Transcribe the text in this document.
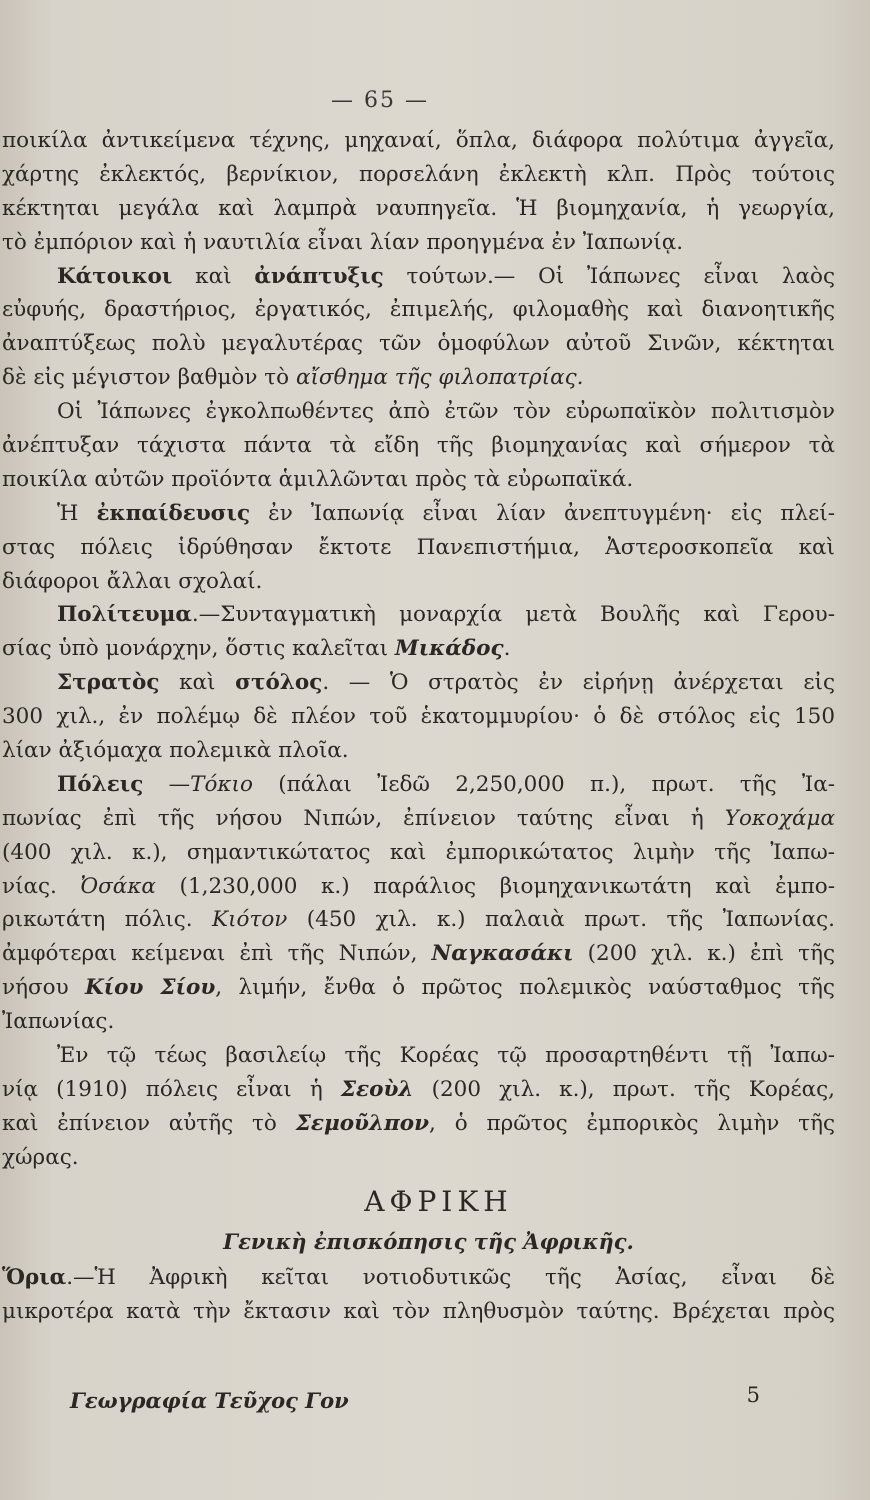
— 65 —
ποικίλα ἀντικείμενα τέχνης, μηχαναί, ὅπλα, διάφορα πολύτιμα ἀγγεῖα,
χάρτης ἐκλεκτός, βερνίκιον, πορσελάνη ἐκλεκτὴ κλπ. Πρὸς τούτοις
κέκτηται μεγάλα καὶ λαμπρὰ ναυπηγεῖα. Ἡ βιομηχανία, ἡ γεωργία,
τὸ ἐμπόριον καὶ ἡ ναυτιλία εἶναι λίαν προηγμένα ἐν Ἰαπωνίᾳ.
Κάτοικοι καὶ ἀνάπτυξις τούτων.— Οἱ Ἰάπωνες εἶναι λαὸς
εὐφυής, δραστήριος, ἐργατικός, ἐπιμελής, φιλομαθὴς καὶ διανοητικῆς
ἀναπτύξεως πολὺ μεγαλυτέρας τῶν ὁμοφύλων αὐτοῦ Σινῶν, κέκτηται
δὲ εἰς μέγιστον βαθμὸν τὸ αἴσθημα τῆς φιλοπατρίας.
Οἱ Ἰάπωνες ἐγκολπωθέντες ἀπὸ ἐτῶν τὸν εὐρωπαϊκὸν πολιτισμὸν
ἀνέπτυξαν τάχιστα πάντα τὰ εἴδη τῆς βιομηχανίας καὶ σήμερον τὰ
ποικίλα αὐτῶν προϊόντα ἁμιλλῶνται πρὸς τὰ εὐρωπαϊκά.
Ἡ ἐκπαίδευσις ἐν Ἰαπωνίᾳ εἶναι λίαν ἀνεπτυγμένη· εἰς πλεί-
στας πόλεις ἱδρύθησαν ἔκτοτε Πανεπιστήμια, Ἀστεροσκοπεῖα καὶ
διάφοροι ἄλλαι σχολαί.
Πολίτευμα.—Συνταγματικὴ μοναρχία μετὰ Βουλῆς καὶ Γερου-
σίας ὑπὸ μονάρχην, ὅστις καλεῖται Μικάδος.
Στρατὸς καὶ στόλος. — Ὁ στρατὸς ἐν εἰρήνῃ ἀνέρχεται εἰς
300 χιλ., ἐν πολέμῳ δὲ πλέον τοῦ ἑκατομμυρίου· ὁ δὲ στόλος εἰς 150
λίαν ἀξιόμαχα πολεμικὰ πλοῖα.
Πόλεις —Τόκιο (πάλαι Ἰεδῶ 2,250,000 π.), πρωτ. τῆς Ἰα-
πωνίας ἐπὶ τῆς νήσου Νιπών, ἐπίνειον ταύτης εἶναι ἡ Υοκοχάμα
(400 χιλ. κ.), σημαντικώτατος καὶ ἐμπορικώτατος λιμὴν τῆς Ἰαπω-
νίας. Ὀσάκα (1,230,000 κ.) παράλιος βιομηχανικωτάτη καὶ ἐμπο-
ρικωτάτη πόλις. Κιότον (450 χιλ. κ.) παλαιὰ πρωτ. τῆς Ἰαπωνίας.
ἀμφότεραι κείμεναι ἐπὶ τῆς Νιπών, Ναγκασάκι (200 χιλ. κ.) ἐπὶ τῆς
νήσου Κίου Σίου, λιμήν, ἔνθα ὁ πρῶτος πολεμικὸς ναύσταθμος τῆς
Ἰαπωνίας.
Ἐν τῷ τέως βασιλείῳ τῆς Κορέας τῷ προσαρτηθέντι τῇ Ἰαπω-
νίᾳ (1910) πόλεις εἶναι ἡ Σεοὺλ (200 χιλ. κ.), πρωτ. τῆς Κορέας,
καὶ ἐπίνειον αὐτῆς τὸ Σεμοῦλπον, ὁ πρῶτος ἐμπορικὸς λιμὴν τῆς
χώρας.
ΑΦΡΙΚΗ
Γενικὴ ἐπισκόπησις τῆς Ἀφρικῆς.
Ὅρια.—Ἡ Ἀφρικὴ κεῖται νοτιοδυτικῶς τῆς Ἀσίας, εἶναι δὲ
μικροτέρα κατὰ τὴν ἔκτασιν καὶ τὸν πληθυσμὸν ταύτης. Βρέχεται πρὸς
Γεωγραφία Τεῦχος Γον	5
